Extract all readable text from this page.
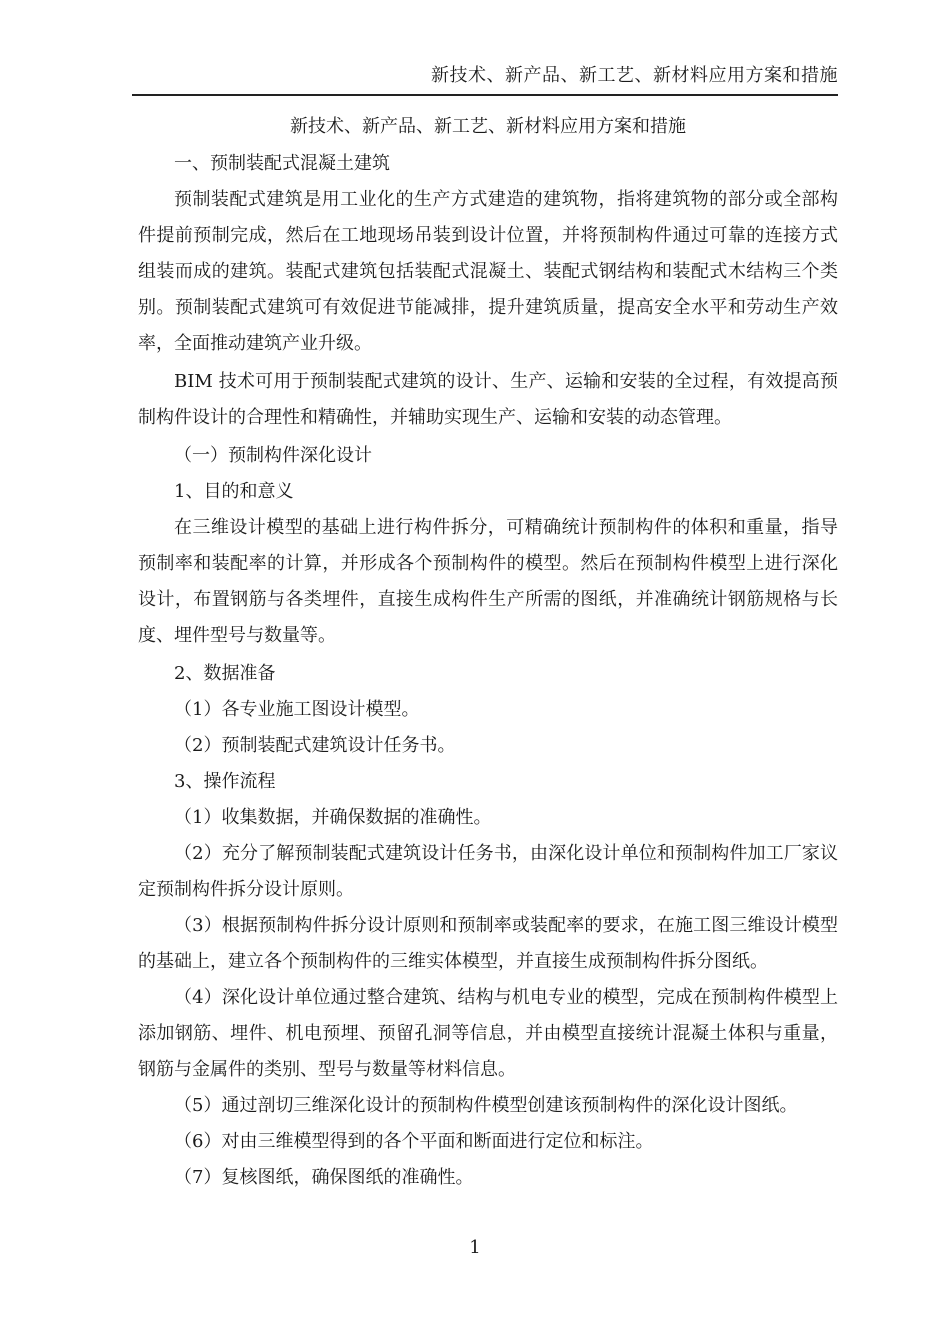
新技术、新产品、新工艺、新材料应用方案和措施

新技术、新产品、新工艺、新材料应用方案和措施

一、预制装配式混凝土建筑

预制装配式建筑是用工业化的生产方式建造的建筑物，指将建筑物的部分或全部构件提前预制完成，然后在工地现场吊装到设计位置，并将预制构件通过可靠的连接方式组装而成的建筑。装配式建筑包括装配式混凝土、装配式钢结构和装配式木结构三个类别。预制装配式建筑可有效促进节能减排，提升建筑质量，提高安全水平和劳动生产效率，全面推动建筑产业升级。

BIM 技术可用于预制装配式建筑的设计、生产、运输和安装的全过程，有效提高预制构件设计的合理性和精确性，并辅助实现生产、运输和安装的动态管理。

（一）预制构件深化设计

1、目的和意义

在三维设计模型的基础上进行构件拆分，可精确统计预制构件的体积和重量，指导预制率和装配率的计算，并形成各个预制构件的模型。然后在预制构件模型上进行深化设计，布置钢筋与各类埋件，直接生成构件生产所需的图纸，并准确统计钢筋规格与长度、埋件型号与数量等。

2、数据准备

（1）各专业施工图设计模型。

（2）预制装配式建筑设计任务书。

3、操作流程

（1）收集数据，并确保数据的准确性。

（2）充分了解预制装配式建筑设计任务书，由深化设计单位和预制构件加工厂家议定预制构件拆分设计原则。

（3）根据预制构件拆分设计原则和预制率或装配率的要求，在施工图三维设计模型的基础上，建立各个预制构件的三维实体模型，并直接生成预制构件拆分图纸。

（4）深化设计单位通过整合建筑、结构与机电专业的模型，完成在预制构件模型上添加钢筋、埋件、机电预埋、预留孔洞等信息，并由模型直接统计混凝土体积与重量，钢筋与金属件的类别、型号与数量等材料信息。

（5）通过剖切三维深化设计的预制构件模型创建该预制构件的深化设计图纸。

（6）对由三维模型得到的各个平面和断面进行定位和标注。

（7）复核图纸，确保图纸的准确性。

1
